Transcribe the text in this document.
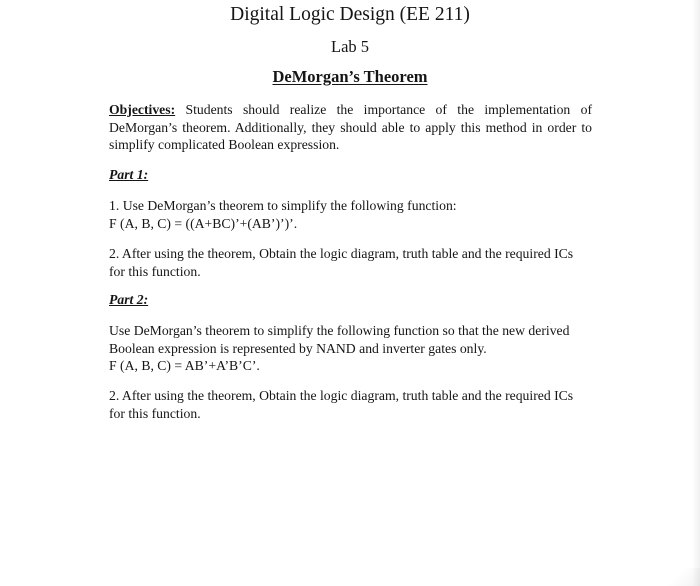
Digital Logic Design (EE 211)
Lab 5
DeMorgan’s Theorem
Objectives: Students should realize the importance of the implementation of DeMorgan’s theorem. Additionally, they should able to apply this method in order to simplify complicated Boolean expression.
Part 1:
1. Use DeMorgan’s theorem to simplify the following function:
F (A, B, C) = ((A+BC)’+(AB’)’)’.
2. After using the theorem, Obtain the logic diagram, truth table and the required ICs
for this function.
Part 2:
Use DeMorgan’s theorem to simplify the following function so that the new derived
Boolean expression is represented by NAND and inverter gates only.
F (A, B, C) = AB’+A’B’C’.
2. After using the theorem, Obtain the logic diagram, truth table and the required ICs
for this function.
